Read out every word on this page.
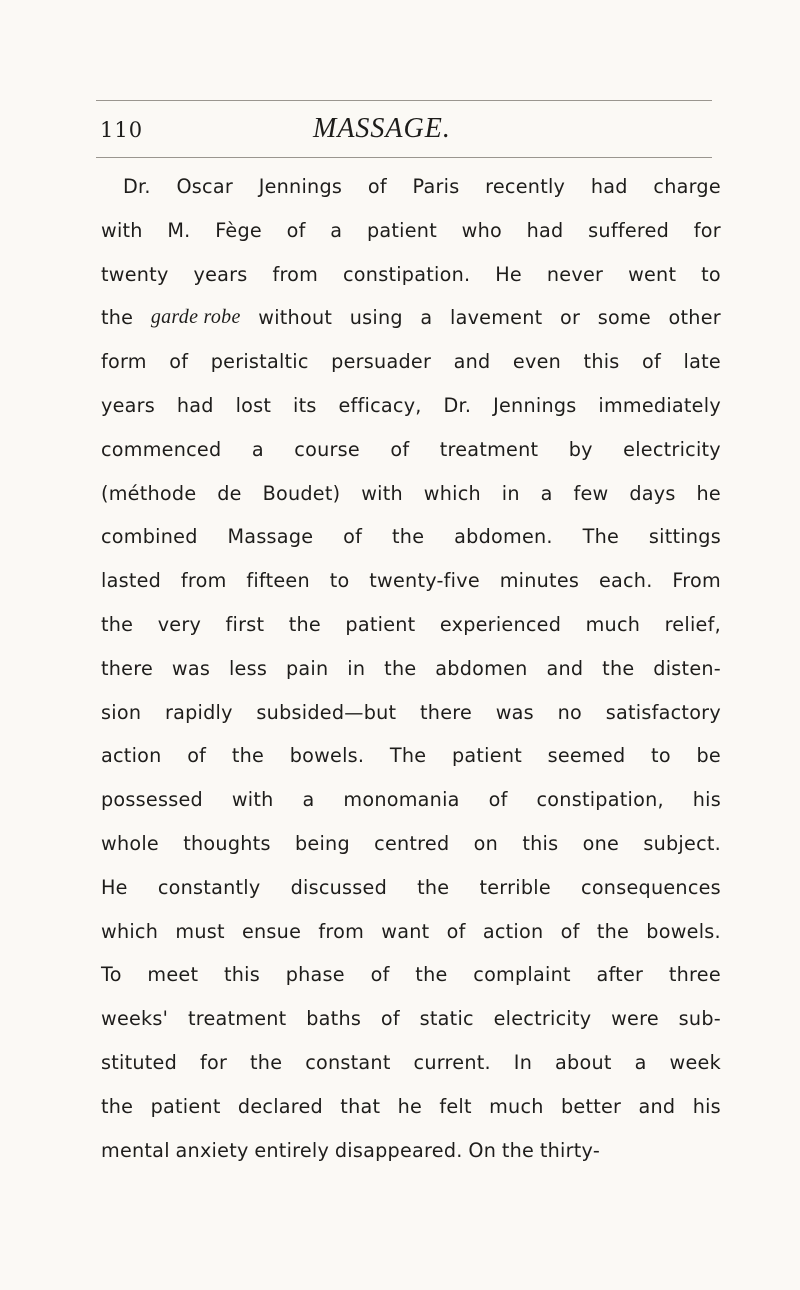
110	MASSAGE.
Dr. Oscar Jennings of Paris recently had charge
with M. Fège of a patient who had suffered for
twenty years from constipation. He never went to
the garde robe without using a lavement or some other
form of peristaltic persuader and even this of late
years had lost its efficacy, Dr. Jennings immediately
commenced a course of treatment by electricity
(méthode de Boudet) with which in a few days he
combined Massage of the abdomen. The sittings
lasted from fifteen to twenty-five minutes each. From
the very first the patient experienced much relief,
there was less pain in the abdomen and the disten-
sion rapidly subsided—but there was no satisfactory
action of the bowels. The patient seemed to be
possessed with a monomania of constipation, his
whole thoughts being centred on this one subject.
He constantly discussed the terrible consequences
which must ensue from want of action of the bowels.
To meet this phase of the complaint after three
weeks' treatment baths of static electricity were sub-
stituted for the constant current. In about a week
the patient declared that he felt much better and his
mental anxiety entirely disappeared. On the thirty-
